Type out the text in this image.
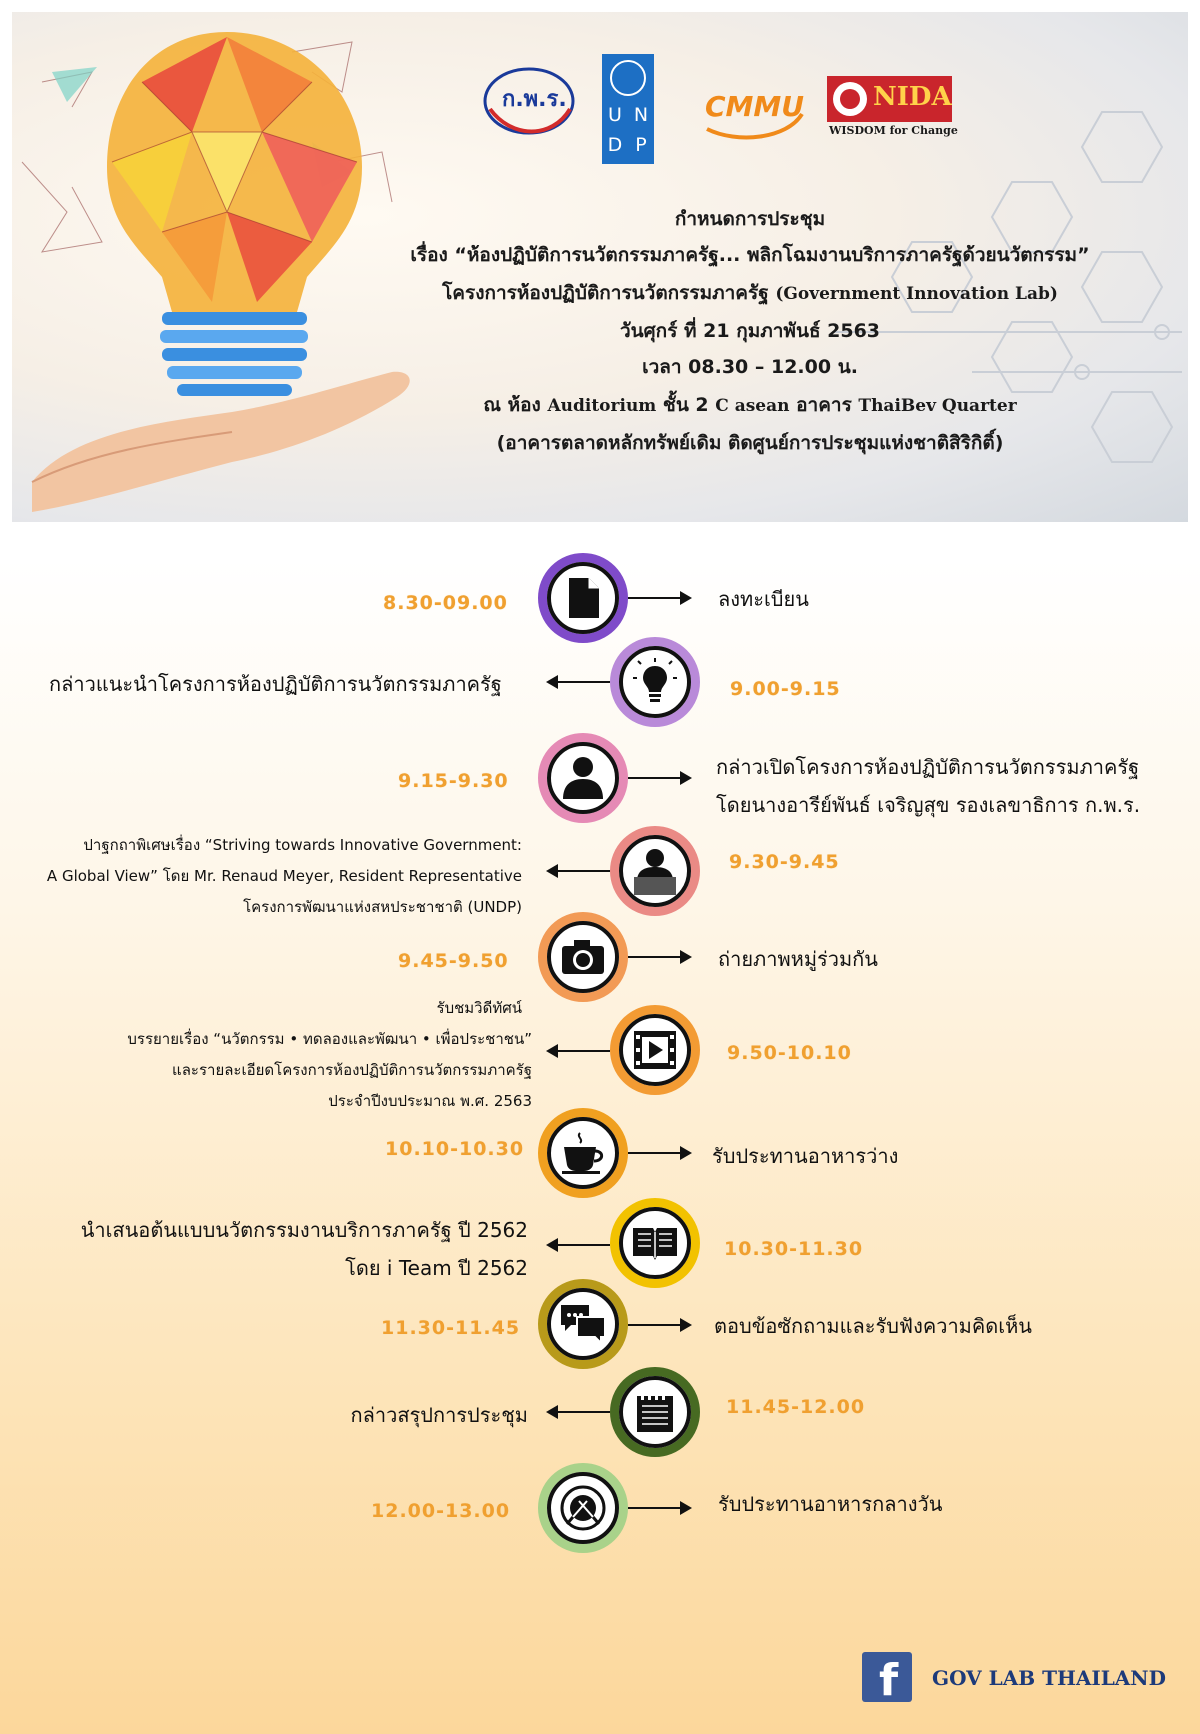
ก.พ.ร.
U N
D P
CMMU	NIDA
WISDOM for Change
กำหนดการประชุม
เรื่อง “ห้องปฏิบัติการนวัตกรรมภาครัฐ... พลิกโฉมงานบริการภาครัฐด้วยนวัตกรรม”
โครงการห้องปฏิบัติการนวัตกรรมภาครัฐ (Government Innovation Lab)
วันศุกร์ ที่ 21 กุมภาพันธ์ 2563
เวลา 08.30 – 12.00 น.
ณ ห้อง Auditorium ชั้น 2 C asean อาคาร ThaiBev Quarter
(อาคารตลาดหลักทรัพย์เดิม ติดศูนย์การประชุมแห่งชาติสิริกิติ์)
8.30-09.00	ลงทะเบียน
9.00-9.15
กล่าวแนะนำโครงการห้องปฏิบัติการนวัตกรรมภาครัฐ
9.15-9.30
กล่าวเปิดโครงการห้องปฏิบัติการนวัตกรรมภาครัฐ
โดยนางอารีย์พันธ์ เจริญสุข รองเลขาธิการ ก.พ.ร.
9.30-9.45
ปาฐกถาพิเศษเรื่อง “Striving towards Innovative Government:
A Global View” โดย Mr. Renaud Meyer, Resident Representative
โครงการพัฒนาแห่งสหประชาชาติ (UNDP)
9.45-9.50	ถ่ายภาพหมู่ร่วมกัน
9.50-10.10
รับชมวิดีทัศน์
บรรยายเรื่อง “นวัตกรรม • ทดลองและพัฒนา • เพื่อประชาชน”
และรายละเอียดโครงการห้องปฏิบัติการนวัตกรรมภาครัฐ
ประจำปีงบประมาณ พ.ศ. 2563
10.10-10.30	รับประทานอาหารว่าง
10.30-11.30
นำเสนอต้นแบบนวัตกรรมงานบริการภาครัฐ ปี 2562
โดย i Team ปี 2562
11.30-11.45	ตอบข้อซักถามและรับฟังความคิดเห็น
11.45-12.00
กล่าวสรุปการประชุม
12.00-13.00	รับประทานอาหารกลางวัน
f GOV LAB THAILAND
